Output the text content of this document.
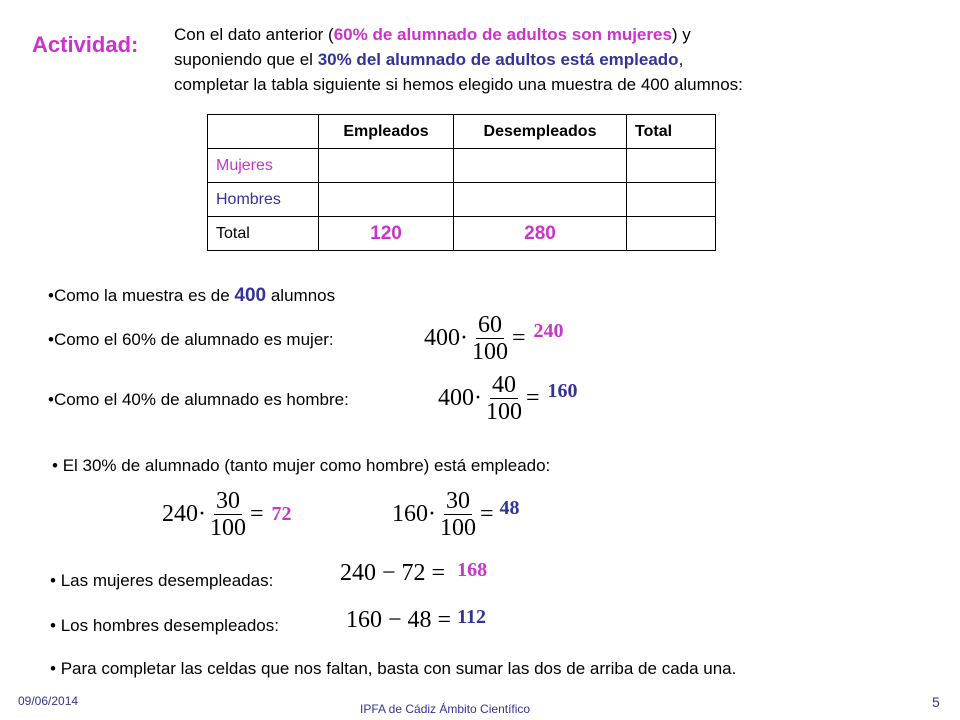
Actividad: Con el dato anterior (60% de alumnado de adultos son mujeres) y
suponiendo que el 30% del alumnado de adultos está empleado,
completar la tabla siguiente si hemos elegido una muestra de 400 alumnos:
	Empleados	Desempleados	Total
Mujeres			
Hombres			
Total	120	280	
•Como la muestra es de 400 alumnos
•Como el 60% de alumnado es mujer:	$400\cdot \frac{60}{100} = 240$
•Como el 40% de alumnado es hombre:	$400\cdot \frac{40}{100} = 160$
• El 30% de alumnado (tanto mujer como hombre) está empleado:
$240\cdot \frac{30}{100} = 72$	$160\cdot \frac{30}{100} = 48$
• Las mujeres desempleadas:	240 − 72 = 168
• Los hombres desempleados:	160 − 48 = 112
• Para completar las celdas que nos faltan, basta con sumar las dos de arriba de cada una.
09/06/2014
IPFA de Cádiz Ámbito Científico	5
